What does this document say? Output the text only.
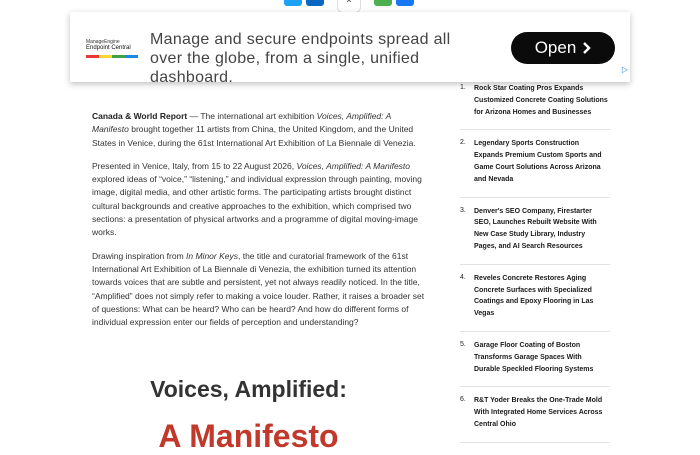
⌃
ManageEngine
Endpoint Central	Manage and secure endpoints spread all over the globe, from a single, unified dashboard.
Open
▷

Canada & World Report — The international art exhibition Voices, Amplified: A Manifesto brought together 11 artists from China, the United Kingdom, and the United States in Venice, during the 61st International Art Exhibition of La Biennale di Venezia.

Presented in Venice, Italy, from 15 to 22 August 2026, Voices, Amplified: A Manifesto explored ideas of “voice,” “listening,” and individual expression through painting, moving image, digital media, and other artistic forms. The participating artists brought distinct cultural backgrounds and creative approaches to the exhibition, which comprised two sections: a presentation of physical artworks and a programme of digital moving-image works.

Drawing inspiration from In Minor Keys, the title and curatorial framework of the 61st International Art Exhibition of La Biennale di Venezia, the exhibition turned its attention towards voices that are subtle and persistent, yet not always readily noticed. In the title, “Amplified” does not simply refer to making a voice louder. Rather, it raises a broader set of questions: What can be heard? Who can be heard? And how do different forms of individual expression enter our fields of perception and understanding?

Voices, Amplified:
A Manifesto
1.	Rock Star Coating Pros Expands Customized Concrete Coating Solutions for Arizona Homes and Businesses
2.	Legendary Sports Construction Expands Premium Custom Sports and Game Court Solutions Across Arizona and Nevada
3.	Denver's SEO Company, Firestarter SEO, Launches Rebuilt Website With New Case Study Library, Industry Pages, and AI Search Resources
4.	Reveles Concrete Restores Aging Concrete Surfaces with Specialized Coatings and Epoxy Flooring in Las Vegas
5.	Garage Floor Coating of Boston Transforms Garage Spaces With Durable Speckled Flooring Systems
6.	R&T Yoder Breaks the One-Trade Mold With Integrated Home Services Across Central Ohio
